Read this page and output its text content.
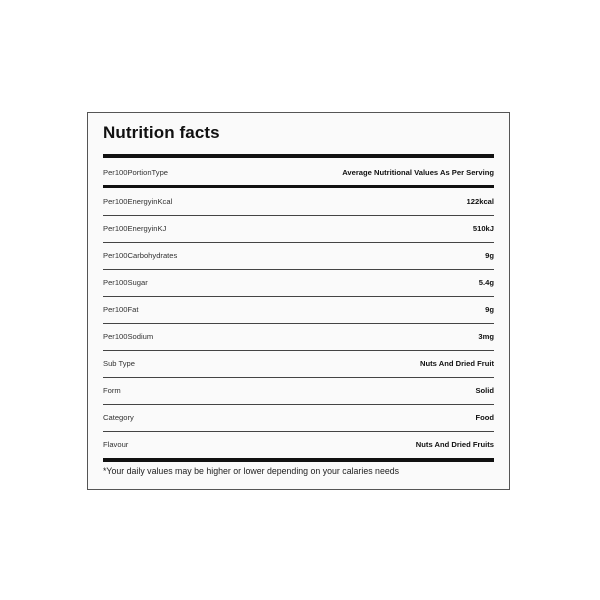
Nutrition facts
Per100PortionType	Average Nutritional Values As Per Serving
Per100EnergyinKcal	122kcal
Per100EnergyinKJ	510kJ
Per100Carbohydrates	9g
Per100Sugar	5.4g
Per100Fat	9g
Per100Sodium	3mg
Sub Type	Nuts And Dried Fruit
Form	Solid
Category	Food
Flavour	Nuts And Dried Fruits
*Your daily values may be higher or lower depending on your calaries needs
